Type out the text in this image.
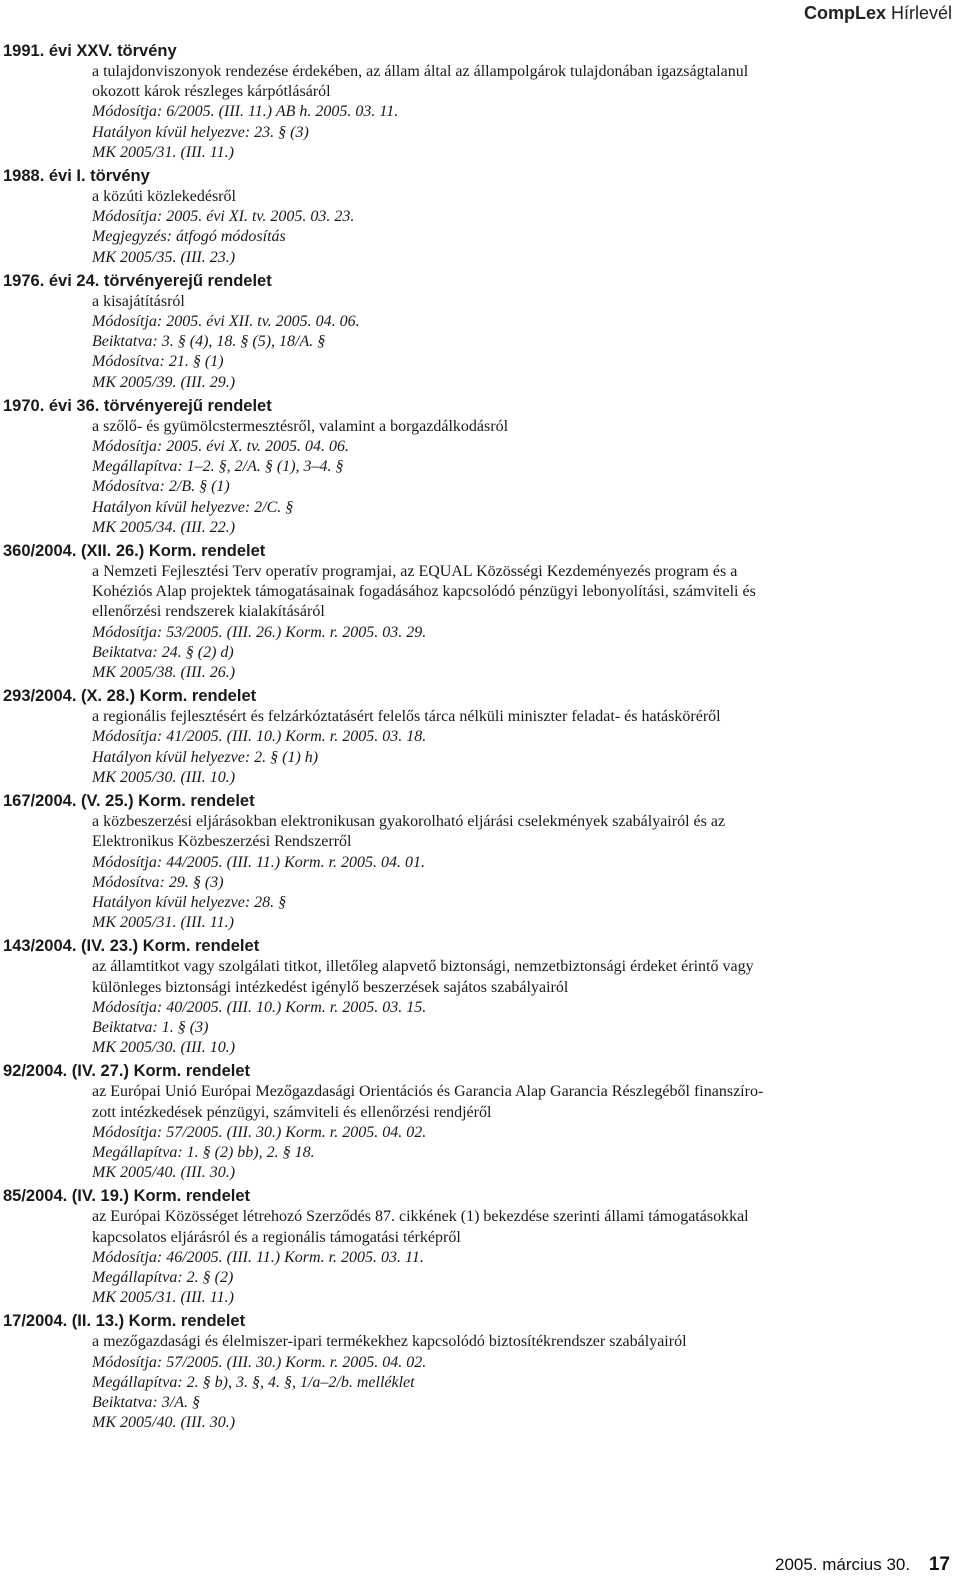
CompLex Hírlevél
1991. évi XXV. törvény
a tulajdonviszonyok rendezése érdekében, az állam által az állampolgárok tulajdonában igazságtalanul
okozott károk részleges kárpótlásáról
Módosítja: 6/2005. (III. 11.) AB h. 2005. 03. 11.
Hatályon kívül helyezve: 23. § (3)
MK 2005/31. (III. 11.)
1988. évi I. törvény
a közúti közlekedésről
Módosítja: 2005. évi XI. tv. 2005. 03. 23.
Megjegyzés: átfogó módosítás
MK 2005/35. (III. 23.)
1976. évi 24. törvényerejű rendelet
a kisajátításról
Módosítja: 2005. évi XII. tv. 2005. 04. 06.
Beiktatva: 3. § (4), 18. § (5), 18/A. §
Módosítva: 21. § (1)
MK 2005/39. (III. 29.)
1970. évi 36. törvényerejű rendelet
a szőlő- és gyümölcstermesztésről, valamint a borgazdálkodásról
Módosítja: 2005. évi X. tv. 2005. 04. 06.
Megállapítva: 1–2. §, 2/A. § (1), 3–4. §
Módosítva: 2/B. § (1)
Hatályon kívül helyezve: 2/C. §
MK 2005/34. (III. 22.)
360/2004. (XII. 26.) Korm. rendelet
a Nemzeti Fejlesztési Terv operatív programjai, az EQUAL Közösségi Kezdeményezés program és a
Kohéziós Alap projektek támogatásainak fogadásához kapcsolódó pénzügyi lebonyolítási, számviteli és
ellenőrzési rendszerek kialakításáról
Módosítja: 53/2005. (III. 26.) Korm. r. 2005. 03. 29.
Beiktatva: 24. § (2) d)
MK 2005/38. (III. 26.)
293/2004. (X. 28.) Korm. rendelet
a regionális fejlesztésért és felzárkóztatásért felelős tárca nélküli miniszter feladat- és hatásköréről
Módosítja: 41/2005. (III. 10.) Korm. r. 2005. 03. 18.
Hatályon kívül helyezve: 2. § (1) h)
MK 2005/30. (III. 10.)
167/2004. (V. 25.) Korm. rendelet
a közbeszerzési eljárásokban elektronikusan gyakorolható eljárási cselekmények szabályairól és az
Elektronikus Közbeszerzési Rendszerről
Módosítja: 44/2005. (III. 11.) Korm. r. 2005. 04. 01.
Módosítva: 29. § (3)
Hatályon kívül helyezve: 28. §
MK 2005/31. (III. 11.)
143/2004. (IV. 23.) Korm. rendelet
az államtitkot vagy szolgálati titkot, illetőleg alapvető biztonsági, nemzetbiztonsági érdeket érintő vagy
különleges biztonsági intézkedést igénylő beszerzések sajátos szabályairól
Módosítja: 40/2005. (III. 10.) Korm. r. 2005. 03. 15.
Beiktatva: 1. § (3)
MK 2005/30. (III. 10.)
92/2004. (IV. 27.) Korm. rendelet
az Európai Unió Európai Mezőgazdasági Orientációs és Garancia Alap Garancia Részlegéből finanszíro-
zott intézkedések pénzügyi, számviteli és ellenőrzési rendjéről
Módosítja: 57/2005. (III. 30.) Korm. r. 2005. 04. 02.
Megállapítva: 1. § (2) bb), 2. § 18.
MK 2005/40. (III. 30.)
85/2004. (IV. 19.) Korm. rendelet
az Európai Közösséget létrehozó Szerződés 87. cikkének (1) bekezdése szerinti állami támogatásokkal
kapcsolatos eljárásról és a regionális támogatási térképről
Módosítja: 46/2005. (III. 11.) Korm. r. 2005. 03. 11.
Megállapítva: 2. § (2)
MK 2005/31. (III. 11.)
17/2004. (II. 13.) Korm. rendelet
a mezőgazdasági és élelmiszer-ipari termékekhez kapcsolódó biztosítékrendszer szabályairól
Módosítja: 57/2005. (III. 30.) Korm. r. 2005. 04. 02.
Megállapítva: 2. § b), 3. §, 4. §, 1/a–2/b. melléklet
Beiktatva: 3/A. §
MK 2005/40. (III. 30.)
2005. március 30. 17
